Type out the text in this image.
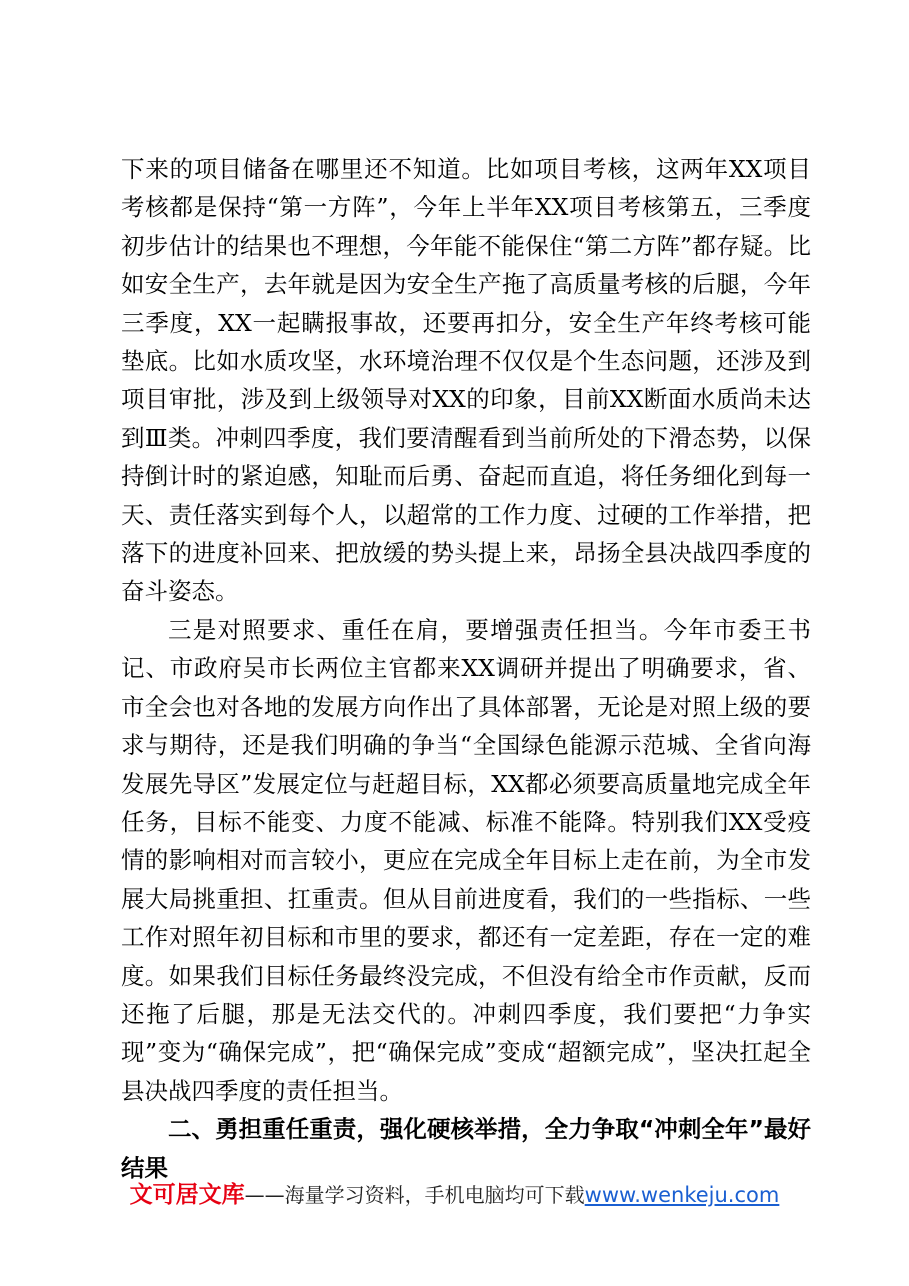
下来的项目储备在哪里还不知道。比如项目考核，这两年XX项目考核都是保持“第一方阵”，今年上半年XX项目考核第五，三季度初步估计的结果也不理想，今年能不能保住“第二方阵”都存疑。比如安全生产，去年就是因为安全生产拖了高质量考核的后腿，今年三季度，XX一起瞒报事故，还要再扣分，安全生产年终考核可能垫底。比如水质攻坚，水环境治理不仅仅是个生态问题，还涉及到项目审批，涉及到上级领导对XX的印象，目前XX断面水质尚未达到Ⅲ类。冲刺四季度，我们要清醒看到当前所处的下滑态势，以保持倒计时的紧迫感，知耻而后勇、奋起而直追，将任务细化到每一天、责任落实到每个人，以超常的工作力度、过硬的工作举措，把落下的进度补回来、把放缓的势头提上来，昂扬全县决战四季度的奋斗姿态。

三是对照要求、重任在肩，要增强责任担当。今年市委王书记、市政府吴市长两位主官都来XX调研并提出了明确要求，省、市全会也对各地的发展方向作出了具体部署，无论是对照上级的要求与期待，还是我们明确的争当“全国绿色能源示范城、全省向海发展先导区”发展定位与赶超目标，XX都必须要高质量地完成全年任务，目标不能变、力度不能减、标准不能降。特别我们XX受疫情的影响相对而言较小，更应在完成全年目标上走在前，为全市发展大局挑重担、扛重责。但从目前进度看，我们的一些指标、一些工作对照年初目标和市里的要求，都还有一定差距，存在一定的难度。如果我们目标任务最终没完成，不但没有给全市作贡献，反而还拖了后腿，那是无法交代的。冲刺四季度，我们要把“力争实现”变为“确保完成”，把“确保完成”变成“超额完成”，坚决扛起全县决战四季度的责任担当。

二、勇担重任重责，强化硬核举措，全力争取“冲刺全年”最好结果

文可居文库——海量学习资料，手机电脑均可下载www.wenkeju.com
